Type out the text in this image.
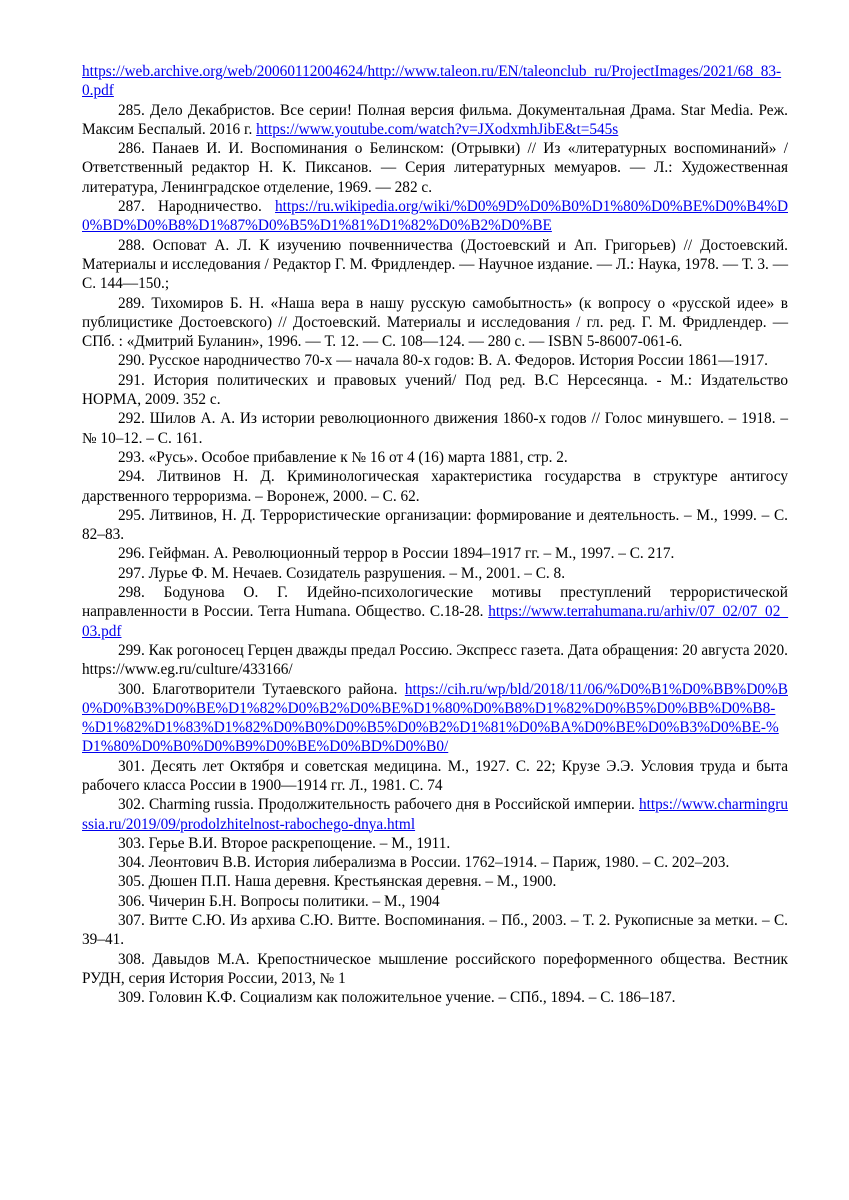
https://web.archive.org/web/20060112004624/http://www.taleon.ru/EN/taleonclub_ru/ProjectImages/2021/68_83-0.pdf

285. Дело Декабристов. Все серии! Полная версия фильма. Документальная Драма. Star Media. Реж. Максим Беспалый. 2016 г. https://www.youtube.com/watch?v=JXodxmhJibE&t=545s

286. Панаев И. И. Воспоминания о Белинском: (Отрывки) // Из «литературных воспоминаний» / Ответственный редактор Н. К. Пиксанов. — Серия литературных мемуаров. — Л.: Художественная литература, Ленинградское отделение, 1969. — 282 с.

287. Народничество. https://ru.wikipedia.org/wiki/%D0%9D%D0%B0%D1%80%D0%BE%D0%B4%D0%BD%D0%B8%D1%87%D0%B5%D1%81%D1%82%D0%B2%D0%BE

288. Осповат А. Л. К изучению почвенничества (Достоевский и Ап. Григорьев) // Достоевский. Материалы и исследования / Редактор Г. М. Фридлендер. — Научное издание. — Л.: Наука, 1978. — Т. 3. — С. 144—150.;

289. Тихомиров Б. Н. «Наша вера в нашу русскую самобытность» (к вопросу о «русской идее» в публицистике Достоевского) // Достоевский. Материалы и исследования / гл. ред. Г. М. Фридлендер. — СПб. : «Дмитрий Буланин», 1996. — Т. 12. — С. 108—124. — 280 с. — ISBN 5-86007-061-6.

290. Русское народничество 70-х — начала 80-х годов: В. А. Федоров. История России 1861—1917.

291. История политических и правовых учений/ Под ред. В.С Нерсесянца. - М.: Издательство НОРМА, 2009. 352 с.

292. Шилов А. А. Из истории революционного движения 1860-х годов // Голос минувшего. – 1918. – № 10–12. – С. 161.

293. «Русь». Особое прибавление к № 16 от 4 (16) марта 1881, стр. 2.

294. Литвинов Н. Д. Криминологическая характеристика государства в структуре антигосу дарственного терроризма. – Воронеж, 2000. – С. 62.

295. Литвинов, Н. Д. Террористические организации: формирование и деятельность. – М., 1999. – С. 82–83.

296. Гейфман. А. Революционный террор в России 1894–1917 гг. – М., 1997. – С. 217.

297. Лурье Ф. М. Нечаев. Созидатель разрушения. – М., 2001. – С. 8.

298. Бодунова О. Г. Идейно-психологические мотивы преступлений террористической направленности в России. Terra Humana. Общество. С.18-28. https://www.terrahumana.ru/arhiv/07_02/07_02_03.pdf

299. Как рогоносец Герцен дважды предал Россию. Экспресс газета. Дата обращения: 20 августа 2020. https://www.eg.ru/culture/433166/

300. Благотворители Тутаевского района. https://cih.ru/wp/bld/2018/11/06/%D0%B1%D0%BB%D0%B0%D0%B3%D0%BE%D1%82%D0%B2%D0%BE%D1%80%D0%B8%D1%82%D0%B5%D0%BB%D0%B8-%D1%82%D1%83%D1%82%D0%B0%D0%B5%D0%B2%D1%81%D0%BA%D0%BE%D0%B3%D0%BE-%D1%80%D0%B0%D0%B9%D0%BE%D0%BD%D0%B0/

301. Десять лет Октября и советская медицина. М., 1927. С. 22; Крузе Э.Э. Условия труда и быта рабочего класса России в 1900—1914 гг. Л., 1981. С. 74

302. Charming russia. Продолжительность рабочего дня в Российской империи. https://www.charmingrussia.ru/2019/09/prodolzhitelnost-rabochego-dnya.html

303. Герье В.И. Второе раскрепощение. – М., 1911.

304. Леонтович В.В. История либерализма в России. 1762–1914. – Париж, 1980. – С. 202–203.

305. Дюшен П.П. Наша деревня. Крестьянская деревня. – М., 1900.

306. Чичерин Б.Н. Вопросы политики. – М., 1904

307. Витте С.Ю. Из архива С.Ю. Витте. Воспоминания. – Пб., 2003. – Т. 2. Рукописные за метки. – С. 39–41.

308. Давыдов М.А. Крепостническое мышление российского пореформенного общества. Вестник РУДН, серия История России, 2013, № 1

309. Головин К.Ф. Социализм как положительное учение. – СПб., 1894. – С. 186–187.
